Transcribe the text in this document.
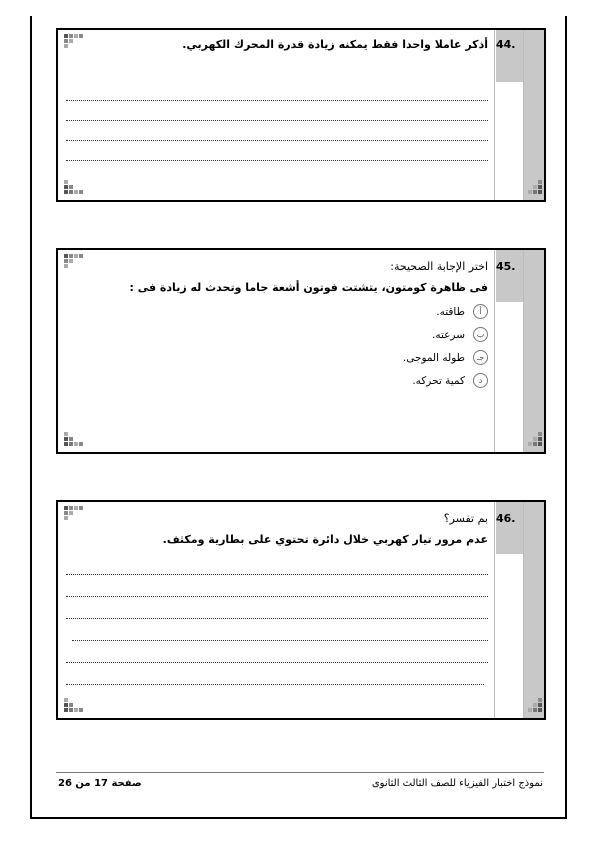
44.
أذكر عاملا واحدا فقط يمكنه زيادة قدرة المحرك الكهربي.
45.
اختر الإجابة الصحيحة:
فى ظاهرة كومتون، يتشتت فوتون أشعة جاما وتحدث له زيادة فى :
أ
طاقته.
ب
سرعته.
جـ
طوله الموجى.
د
كمية تحركه.
46.
بم تفسر؟
عدم مرور تيار كهربي خلال دائرة تحتوي على بطارية ومكثف.
صفحة 17 من 26	نموذج اختبار الفيزياء للصف الثالث الثانوى
